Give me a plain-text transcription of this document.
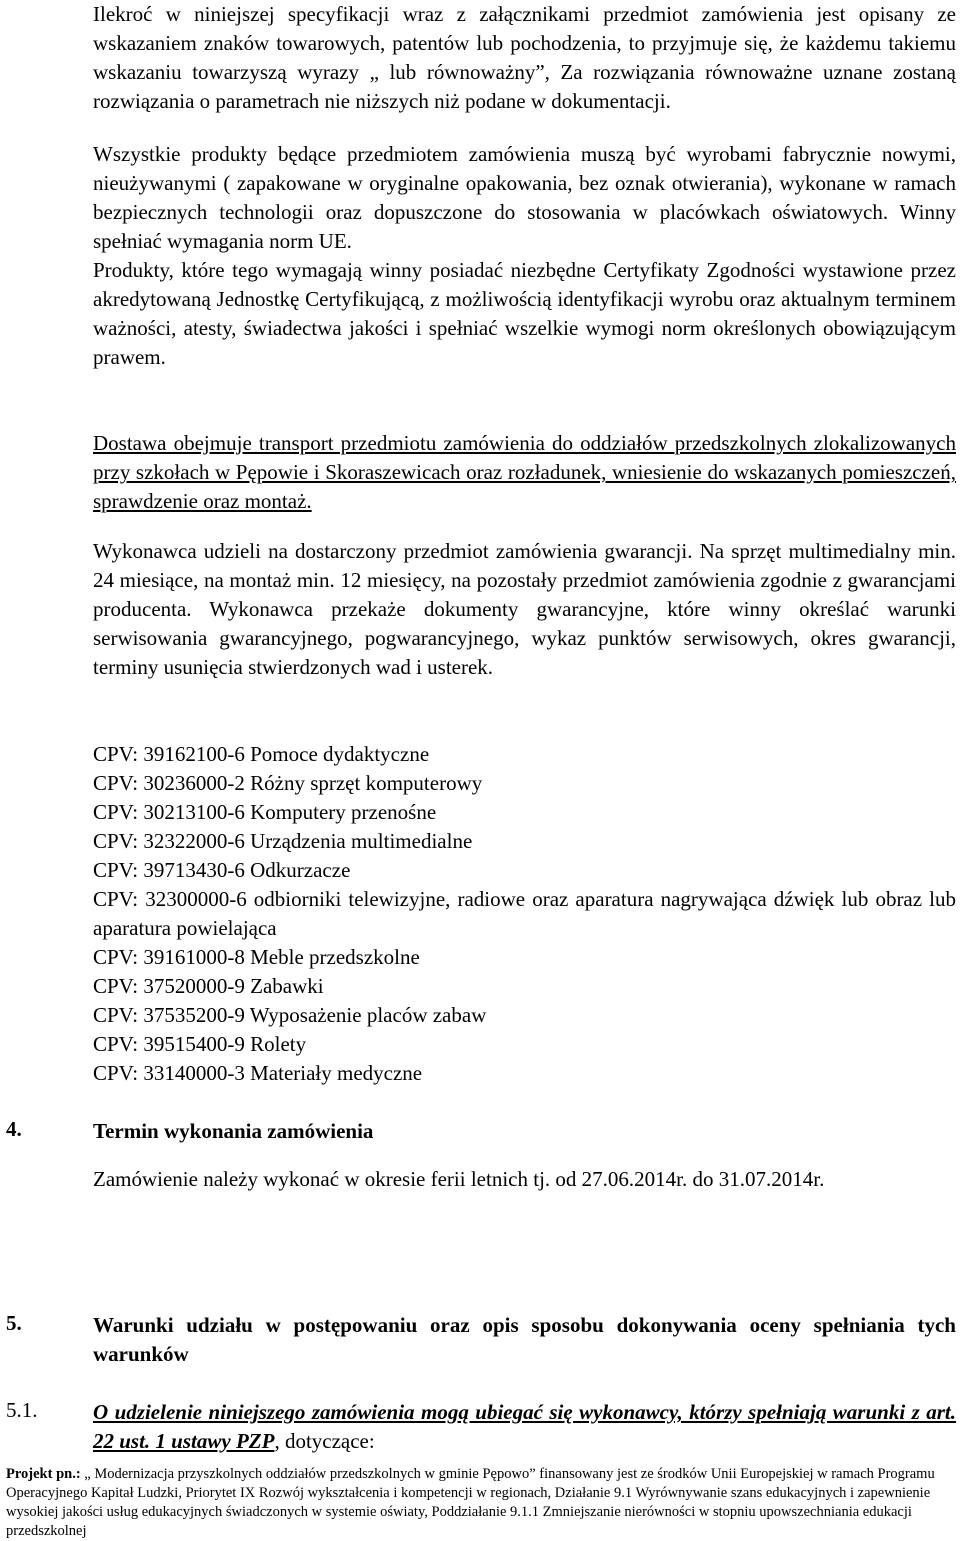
Ilekroć w niniejszej specyfikacji wraz z załącznikami przedmiot zamówienia jest opisany ze wskazaniem znaków towarowych, patentów lub pochodzenia, to przyjmuje się, że każdemu takiemu wskazaniu towarzyszą wyrazy „ lub równoważny”, Za rozwiązania równoważne uznane zostaną rozwiązania o parametrach nie niższych niż podane w dokumentacji.

Wszystkie produkty będące przedmiotem zamówienia muszą być wyrobami fabrycznie nowymi, nieużywanymi ( zapakowane w oryginalne opakowania, bez oznak otwierania), wykonane w ramach bezpiecznych technologii oraz dopuszczone do stosowania w placówkach oświatowych. Winny spełniać wymagania norm UE.

Produkty, które tego wymagają winny posiadać niezbędne Certyfikaty Zgodności wystawione przez akredytowaną Jednostkę Certyfikującą, z możliwością identyfikacji wyrobu oraz aktualnym terminem ważności, atesty, świadectwa jakości i spełniać wszelkie wymogi norm określonych obowiązującym prawem.

Dostawa obejmuje transport przedmiotu zamówienia do oddziałów przedszkolnych zlokalizowanych przy szkołach w Pępowie i Skoraszewicach oraz rozładunek, wniesienie do wskazanych pomieszczeń, sprawdzenie oraz montaż.

Wykonawca udzieli na dostarczony przedmiot zamówienia gwarancji. Na sprzęt multimedialny min. 24 miesiące, na montaż min. 12 miesięcy, na pozostały przedmiot zamówienia zgodnie z gwarancjami producenta. Wykonawca przekaże dokumenty gwarancyjne, które winny określać warunki serwisowania gwarancyjnego, pogwarancyjnego, wykaz punktów serwisowych, okres gwarancji, terminy usunięcia stwierdzonych wad i usterek.

CPV: 39162100-6 Pomoce dydaktyczne

CPV: 30236000-2 Różny sprzęt komputerowy

CPV: 30213100-6 Komputery przenośne

CPV: 32322000-6 Urządzenia multimedialne

CPV: 39713430-6 Odkurzacze

CPV: 32300000-6 odbiorniki telewizyjne, radiowe oraz aparatura nagrywająca dźwięk lub obraz lub aparatura powielająca

CPV: 39161000-8 Meble przedszkolne

CPV: 37520000-9 Zabawki

CPV: 37535200-9 Wyposażenie placów zabaw

CPV: 39515400-9 Rolety

CPV: 33140000-3 Materiały medyczne

4.	Termin wykonania zamówienia

Zamówienie należy wykonać w okresie ferii letnich tj. od 27.06.2014r. do 31.07.2014r.

5.	Warunki udziału w postępowaniu oraz opis sposobu dokonywania oceny spełniania tych warunków
5.1.	O udzielenie niniejszego zamówienia mogą ubiegać się wykonawcy, którzy spełniają warunki z art. 22 ust. 1 ustawy PZP, dotyczące:

Projekt pn.: „ Modernizacja przyszkolnych oddziałów przedszkolnych w gminie Pępowo” finansowany jest ze środków Unii Europejskiej w ramach Programu Operacyjnego Kapitał Ludzki, Priorytet IX Rozwój wykształcenia i kompetencji w regionach, Działanie 9.1 Wyrównywanie szans edukacyjnych i zapewnienie wysokiej jakości usług edukacyjnych świadczonych w systemie oświaty, Poddziałanie 9.1.1 Zmniejszanie nierówności w stopniu upowszechniania edukacji przedszkolnej
